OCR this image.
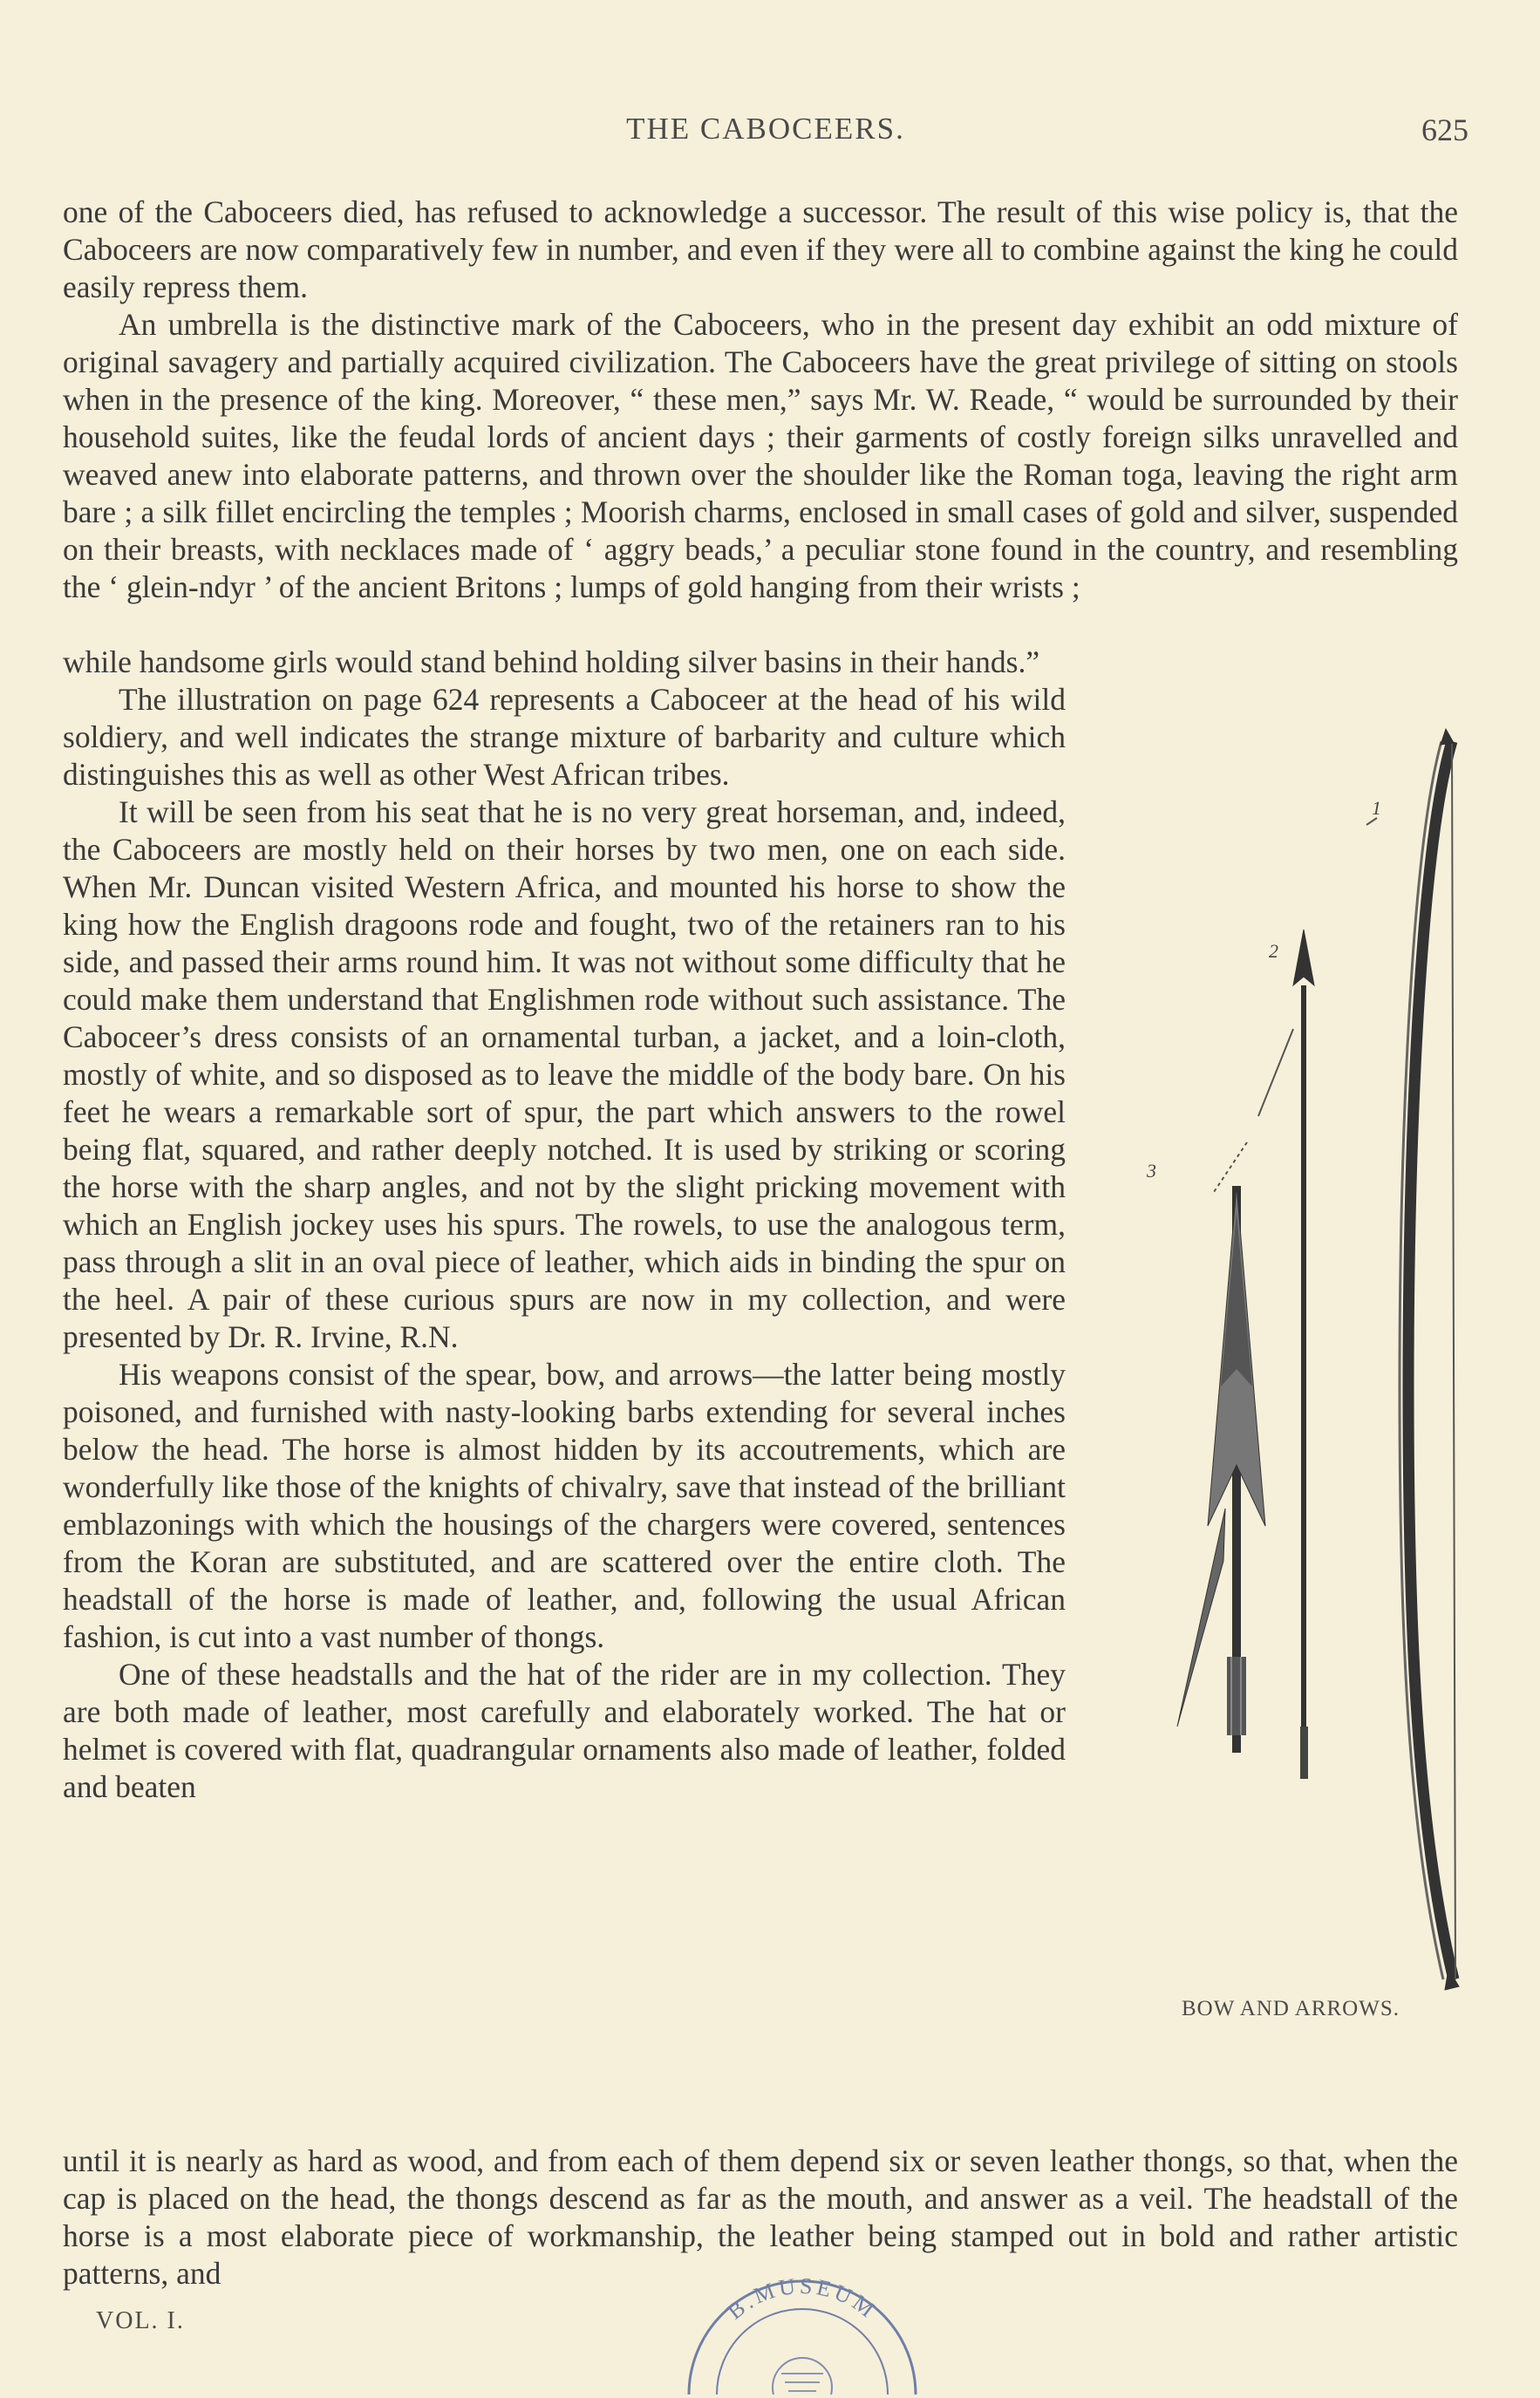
THE CABOCEERS.	625

one of the Caboceers died, has refused to acknowledge a successor. The result of this wise policy is, that the Caboceers are now comparatively few in number, and even if they were all to combine against the king he could easily repress them.

An umbrella is the distinctive mark of the Caboceers, who in the present day exhibit an odd mixture of original savagery and partially acquired civilization. The Caboceers have the great privilege of sitting on stools when in the presence of the king. Moreover, “ these men,” says Mr. W. Reade, “ would be surrounded by their household suites, like the feudal lords of ancient days ; their garments of costly foreign silks unravelled and weaved anew into elaborate patterns, and thrown over the shoulder like the Roman toga, leaving the right arm bare ; a silk fillet encircling the temples ; Moorish charms, enclosed in small cases of gold and silver, suspended on their breasts, with necklaces made of ‘ aggry beads,’ a peculiar stone found in the country, and resembling the ‘ glein-ndyr ’ of the ancient Britons ; lumps of gold hanging from their wrists ;

while handsome girls would stand behind holding silver basins in their hands.”

The illustration on page 624 represents a Caboceer at the head of his wild soldiery, and well indicates the strange mixture of barbarity and culture which distinguishes this as well as other West African tribes.

It will be seen from his seat that he is no very great horseman, and, indeed, the Caboceers are mostly held on their horses by two men, one on each side. When Mr. Duncan visited Western Africa, and mounted his horse to show the king how the English dragoons rode and fought, two of the retainers ran to his side, and passed their arms round him. It was not without some difficulty that he could make them understand that Englishmen rode without such assistance. The Caboceer’s dress consists of an ornamental turban, a jacket, and a loin-cloth, mostly of white, and so disposed as to leave the middle of the body bare. On his feet he wears a remarkable sort of spur, the part which answers to the rowel being flat, squared, and rather deeply notched. It is used by striking or scoring the horse with the sharp angles, and not by the slight pricking movement with which an English jockey uses his spurs. The rowels, to use the analogous term, pass through a slit in an oval piece of leather, which aids in binding the spur on the heel. A pair of these curious spurs are now in my collection, and were presented by Dr. R. Irvine, R.N.

His weapons consist of the spear, bow, and arrows—the latter being mostly poisoned, and furnished with nasty-looking barbs extending for several inches below the head. The horse is almost hidden by its accoutrements, which are wonderfully like those of the knights of chivalry, save that instead of the brilliant emblazonings with which the housings of the chargers were covered, sentences from the Koran are substituted, and are scattered over the entire cloth. The headstall of the horse is made of leather, and, following the usual African fashion, is cut into a vast number of thongs.

One of these headstalls and the hat of the rider are in my collection. They are both made of leather, most carefully and elaborately worked. The hat or helmet is covered with flat, quadrangular ornaments also made of leather, folded and beaten

until it is nearly as hard as wood, and from each of them depend six or seven leather thongs, so that, when the cap is placed on the head, the thongs descend as far as the mouth, and answer as a veil. The headstall of the horse is a most elaborate piece of workmanship, the leather being stamped out in bold and rather artistic patterns, and

1
2
3
BOW AND ARROWS.
VOL. I.	B.MUSEUM
